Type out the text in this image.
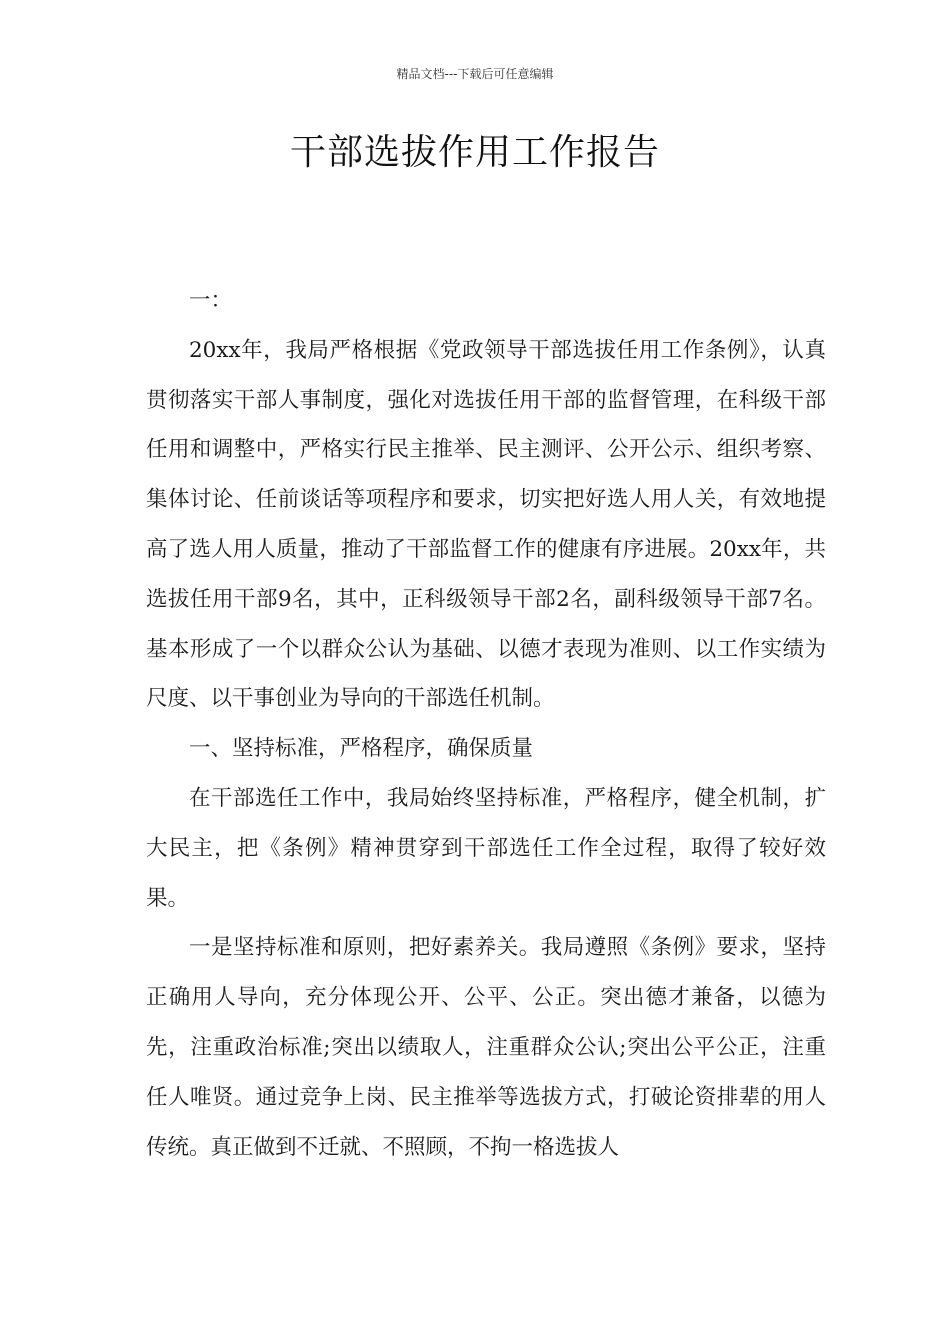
精品文档---下载后可任意编辑
干部选拔作用工作报告

一：

20xx年，我局严格根据《党政领导干部选拔任用工作条例》，认真贯彻落实干部人事制度，强化对选拔任用干部的监督管理，在科级干部任用和调整中，严格实行民主推举、民主测评、公开公示、组织考察、集体讨论、任前谈话等项程序和要求，切实把好选人用人关，有效地提高了选人用人质量，推动了干部监督工作的健康有序进展。20xx年，共选拔任用干部9名，其中，正科级领导干部2名，副科级领导干部7名。基本形成了一个以群众公认为基础、以德才表现为准则、以工作实绩为尺度、以干事创业为导向的干部选任机制。

一、坚持标准，严格程序，确保质量

在干部选任工作中，我局始终坚持标准，严格程序，健全机制，扩大民主，把《条例》精神贯穿到干部选任工作全过程，取得了较好效果。

一是坚持标准和原则，把好素养关。我局遵照《条例》要求，坚持正确用人导向，充分体现公开、公平、公正。突出德才兼备，以德为先，注重政治标准;突出以绩取人，注重群众公认;突出公平公正，注重任人唯贤。通过竞争上岗、民主推举等选拔方式，打破论资排辈的用人传统。真正做到不迁就、不照顾，不拘一格选拔人
